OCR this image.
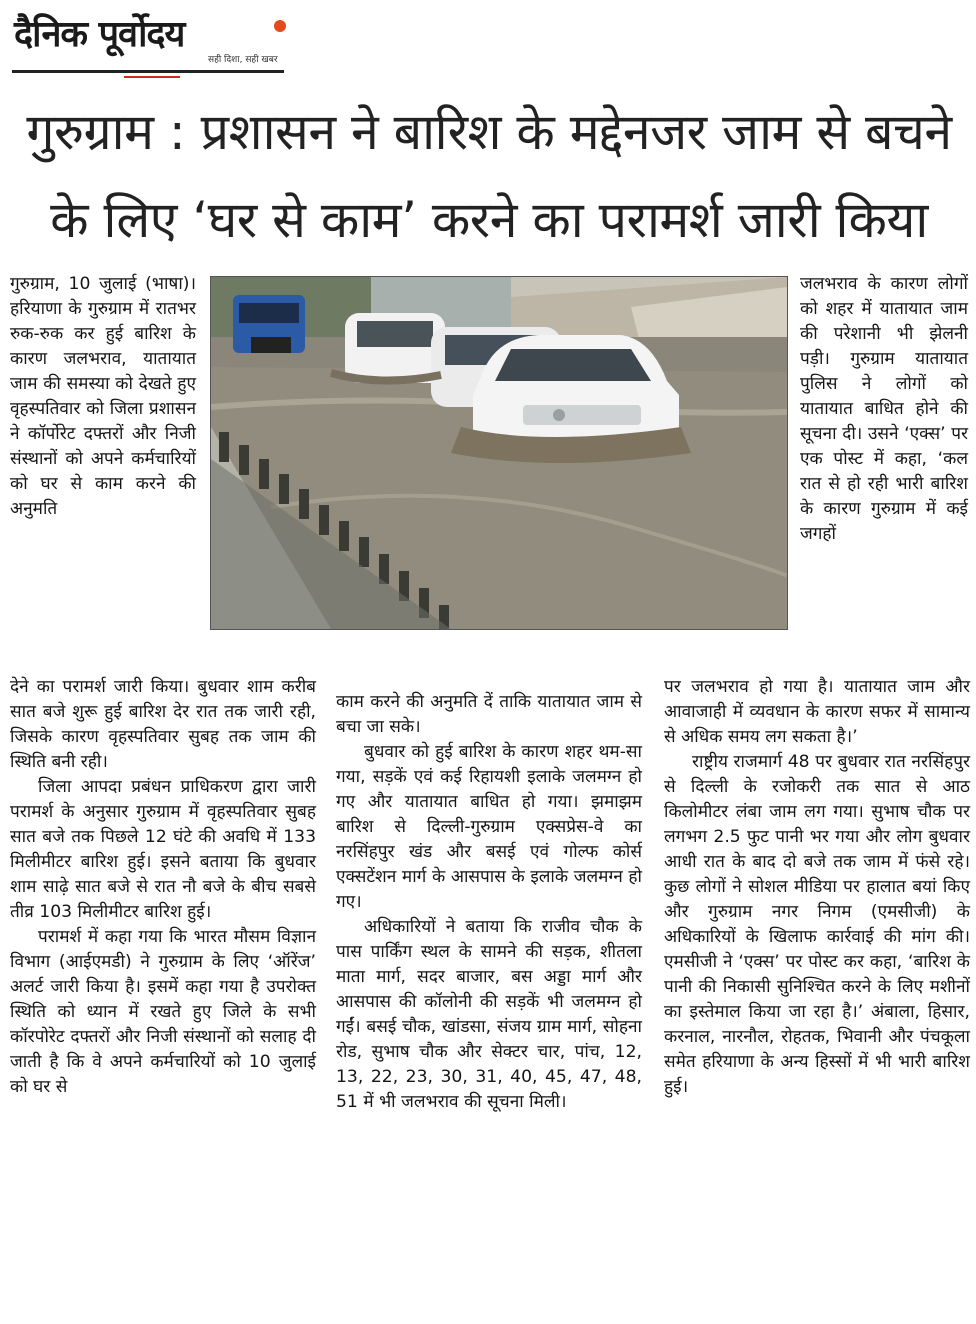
दैनिक पूर्वोदय
सही दिशा, सही खबर
गुरुग्राम : प्रशासन ने बारिश के मद्देनजर जाम से बचने
के लिए ‘घर से काम’ करने का परामर्श जारी किया

गुरुग्राम, 10 जुलाई (भाषा)। हरियाणा के गुरुग्राम में रातभर रुक-रुक कर हुई बारिश के कारण जलभराव, यातायात जाम की समस्या को देखते हुए वृहस्पतिवार को जिला प्रशासन ने कॉर्पोरेट दफ्तरों और निजी संस्थानों को अपने कर्मचारियों को घर से काम करने की अनुमति

जलभराव के कारण लोगों को शहर में यातायात जाम की परेशानी भी झेलनी पड़ी। गुरुग्राम यातायात पुलिस ने लोगों को यातायात बाधित होने की सूचना दी। उसने ‘एक्स’ पर एक पोस्ट में कहा, ‘कल रात से हो रही भारी बारिश के कारण गुरुग्राम में कई जगहों

देने का परामर्श जारी किया। बुधवार शाम करीब सात बजे शुरू हुई बारिश देर रात तक जारी रही, जिसके कारण वृहस्पतिवार सुबह तक जाम की स्थिति बनी रही।

जिला आपदा प्रबंधन प्राधिकरण द्वारा जारी परामर्श के अनुसार गुरुग्राम में वृहस्पतिवार सुबह सात बजे तक पिछले 12 घंटे की अवधि में 133 मिलीमीटर बारिश हुई। इसने बताया कि बुधवार शाम साढ़े सात बजे से रात नौ बजे के बीच सबसे तीव्र 103 मिलीमीटर बारिश हुई।

परामर्श में कहा गया कि भारत मौसम विज्ञान विभाग (आईएमडी) ने गुरुग्राम के लिए ‘ऑरेंज’ अलर्ट जारी किया है। इसमें कहा गया है उपरोक्त स्थिति को ध्यान में रखते हुए जिले के सभी कॉरपोरेट दफ्तरों और निजी संस्थानों को सलाह दी जाती है कि वे अपने कर्मचारियों को 10 जुलाई को घर से

काम करने की अनुमति दें ताकि यातायात जाम से बचा जा सके।

बुधवार को हुई बारिश के कारण शहर थम-सा गया, सड़कें एवं कई रिहायशी इलाके जलमग्न हो गए और यातायात बाधित हो गया। झमाझम बारिश से दिल्ली-गुरुग्राम एक्सप्रेस-वे का नरसिंहपुर खंड और बसई एवं गोल्फ कोर्स एक्सटेंशन मार्ग के आसपास के इलाके जलमग्न हो गए।

अधिकारियों ने बताया कि राजीव चौक के पास पार्किंग स्थल के सामने की सड़क, शीतला माता मार्ग, सदर बाजार, बस अड्डा मार्ग और आसपास की कॉलोनी की सड़कें भी जलमग्न हो गईं। बसई चौक, खांडसा, संजय ग्राम मार्ग, सोहना रोड, सुभाष चौक और सेक्टर चार, पांच, 12, 13, 22, 23, 30, 31, 40, 45, 47, 48, 51 में भी जलभराव की सूचना मिली।

पर जलभराव हो गया है। यातायात जाम और आवाजाही में व्यवधान के कारण सफर में सामान्य से अधिक समय लग सकता है।’

राष्ट्रीय राजमार्ग 48 पर बुधवार रात नरसिंहपुर से दिल्ली के रजोकरी तक सात से आठ किलोमीटर लंबा जाम लग गया। सुभाष चौक पर लगभग 2.5 फुट पानी भर गया और लोग बुधवार आधी रात के बाद दो बजे तक जाम में फंसे रहे। कुछ लोगों ने सोशल मीडिया पर हालात बयां किए और गुरुग्राम नगर निगम (एमसीजी) के अधिकारियों के खिलाफ कार्रवाई की मांग की। एमसीजी ने ‘एक्स’ पर पोस्ट कर कहा, ‘बारिश के पानी की निकासी सुनिश्चित करने के लिए मशीनों का इस्तेमाल किया जा रहा है।’ अंबाला, हिसार, करनाल, नारनौल, रोहतक, भिवानी और पंचकूला समेत हरियाणा के अन्य हिस्सों में भी भारी बारिश हुई।
